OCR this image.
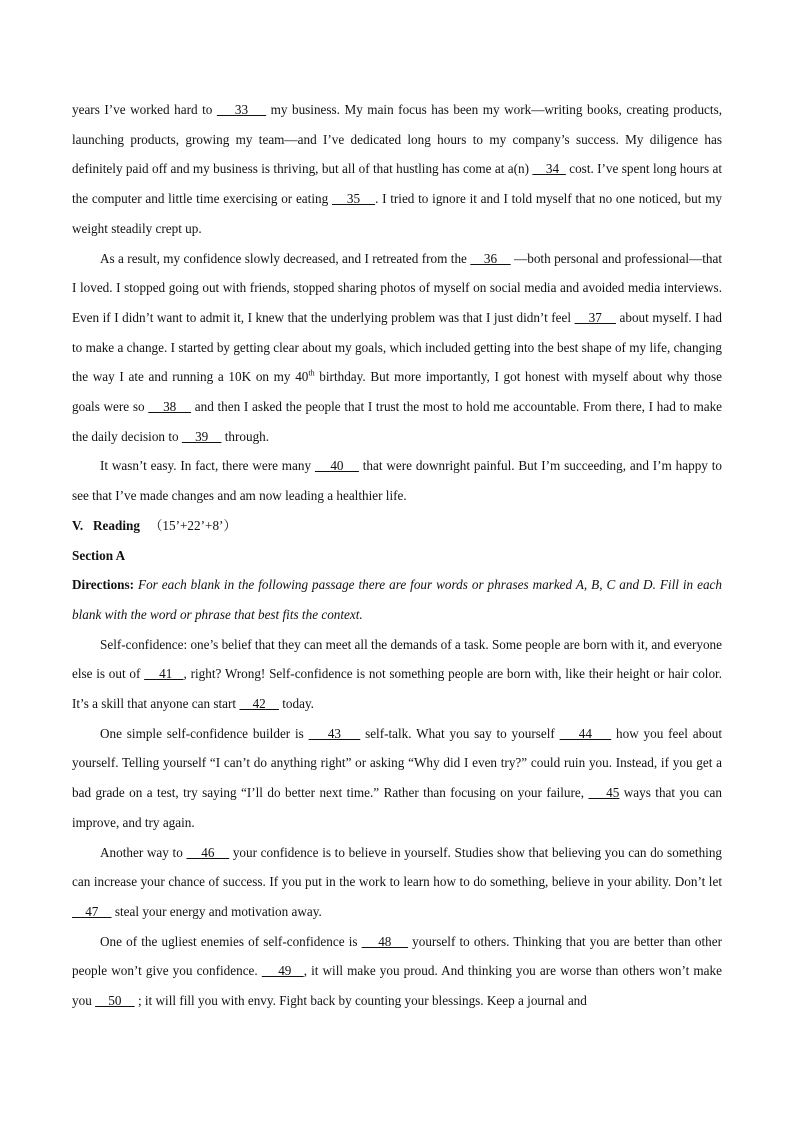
years I’ve worked hard to     33     my business. My main focus has been my work—writing books, creating products, launching products, growing my team—and I’ve dedicated long hours to my company’s success. My diligence has definitely paid off and my business is thriving, but all of that hustling has come at a(n)     34   cost. I’ve spent long hours at the computer and little time exercising or eating     35    . I tried to ignore it and I told myself that no one noticed, but my weight steadily crept up.

As a result, my confidence slowly decreased, and I retreated from the     36     —both personal and professional—that I loved. I stopped going out with friends, stopped sharing photos of myself on social media and avoided media interviews. Even if I didn’t want to admit it, I knew that the underlying problem was that I just didn’t feel     37     about myself. I had to make a change. I started by getting clear about my goals, which included getting into the best shape of my life, changing the way I ate and running a 10K on my 40th birthday. But more importantly, I got honest with myself about why those goals were so     38     and then I asked the people that I trust the most to hold me accountable. From there, I had to make the daily decision to     39     through.

It wasn’t easy. In fact, there were many     40     that were downright painful. But I’m succeeding, and I’m happy to see that I’ve made changes and am now leading a healthier life.

V.   Reading （15’+22’+8’）

Section A

Directions: For each blank in the following passage there are four words or phrases marked A, B, C and D. Fill in each blank with the word or phrase that best fits the context.

Self-confidence: one’s belief that they can meet all the demands of a task. Some people are born with it, and everyone else is out of     41   , right? Wrong! Self-confidence is not something people are born with, like their height or hair color. It’s a skill that anyone can start     42     today.

One simple self-confidence builder is     43     self-talk. What you say to yourself     44     how you feel about yourself. Telling yourself “I can’t do anything right” or asking “Why did I even try?” could ruin you. Instead, if you get a bad grade on a test, try saying “I’ll do better next time.” Rather than focusing on your failure,     45 ways that you can improve, and try again.

Another way to     46     your confidence is to believe in yourself. Studies show that believing you can do something can increase your chance of success. If you put in the work to learn how to do something, believe in your ability. Don’t let     47     steal your energy and motivation away.

One of the ugliest enemies of self-confidence is     48     yourself to others. Thinking that you are better than other people won’t give you confidence.     49   , it will make you proud. And thinking you are worse than others won’t make you     50     ; it will fill you with envy. Fight back by counting your blessings. Keep a journal and
